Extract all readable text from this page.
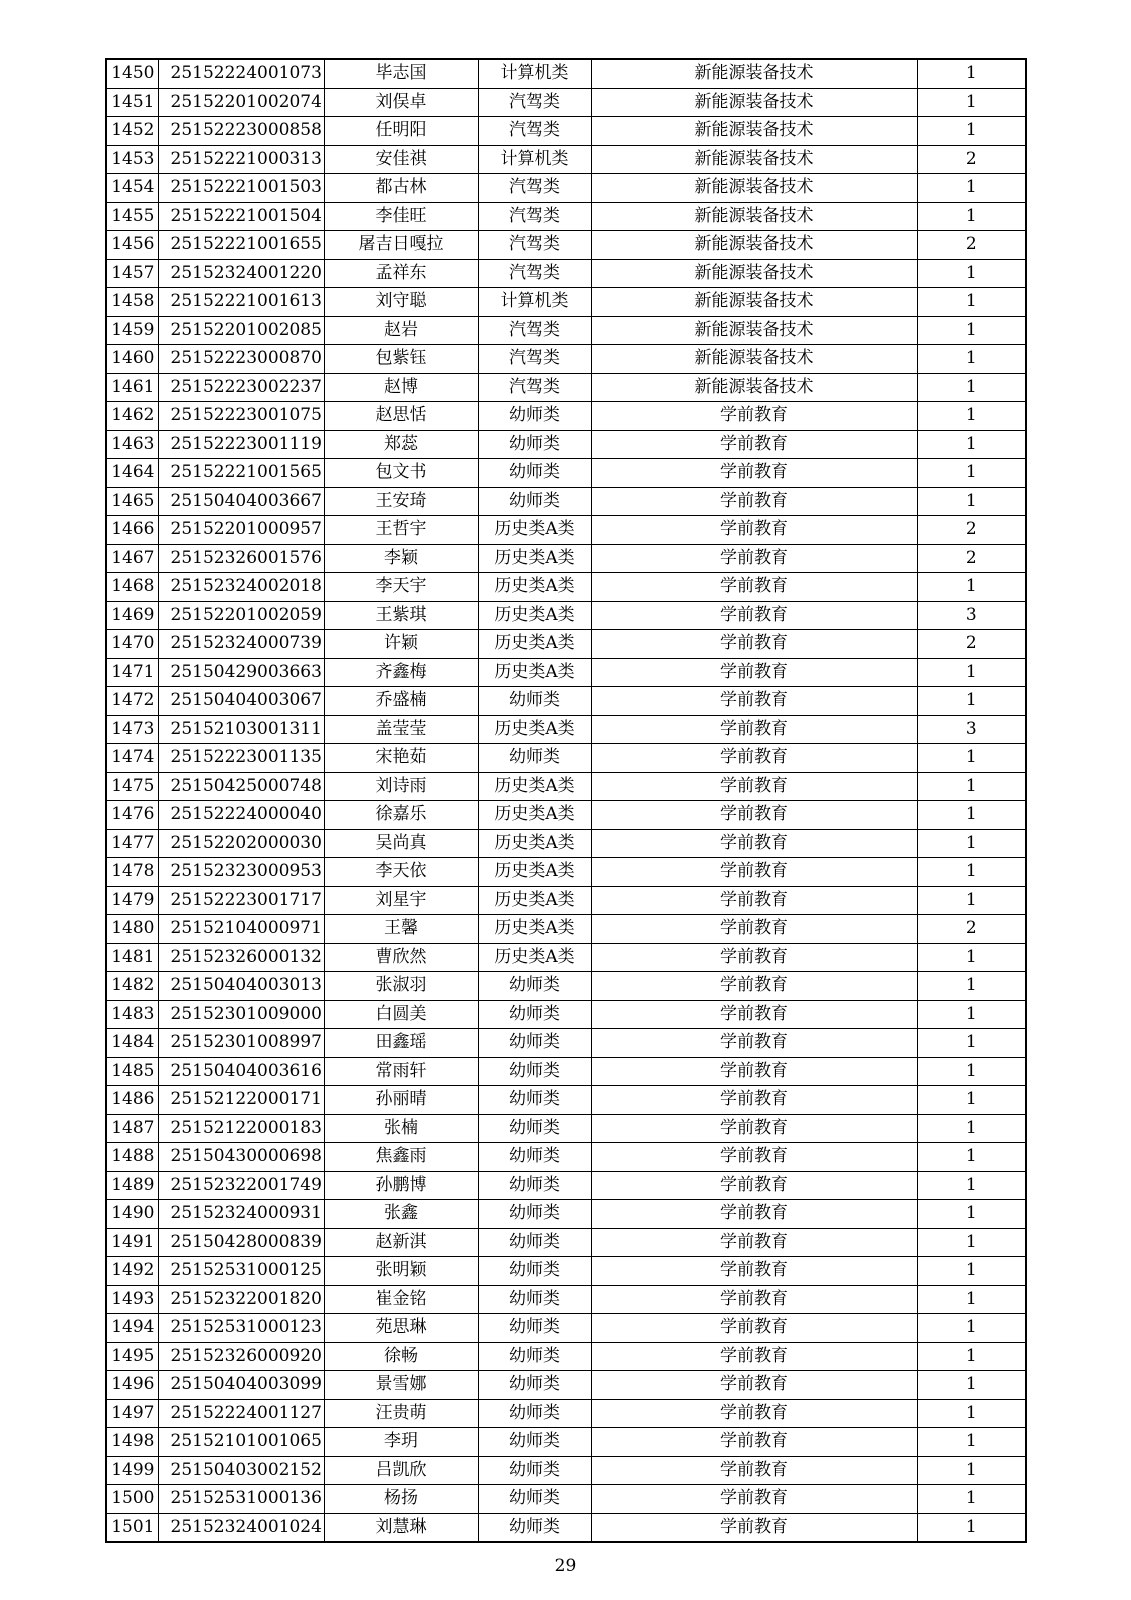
1450	25152224001073	毕志国	计算机类	新能源装备技术	1
1451	25152201002074	刘俣卓	汽驾类	新能源装备技术	1
1452	25152223000858	任明阳	汽驾类	新能源装备技术	1
1453	25152221000313	安佳祺	计算机类	新能源装备技术	2
1454	25152221001503	都古林	汽驾类	新能源装备技术	1
1455	25152221001504	李佳旺	汽驾类	新能源装备技术	1
1456	25152221001655	屠吉日嘎拉	汽驾类	新能源装备技术	2
1457	25152324001220	孟祥东	汽驾类	新能源装备技术	1
1458	25152221001613	刘守聪	计算机类	新能源装备技术	1
1459	25152201002085	赵岩	汽驾类	新能源装备技术	1
1460	25152223000870	包紫钰	汽驾类	新能源装备技术	1
1461	25152223002237	赵博	汽驾类	新能源装备技术	1
1462	25152223001075	赵思恬	幼师类	学前教育	1
1463	25152223001119	郑蕊	幼师类	学前教育	1
1464	25152221001565	包文书	幼师类	学前教育	1
1465	25150404003667	王安琦	幼师类	学前教育	1
1466	25152201000957	王哲宇	历史类A类	学前教育	2
1467	25152326001576	李颖	历史类A类	学前教育	2
1468	25152324002018	李天宇	历史类A类	学前教育	1
1469	25152201002059	王紫琪	历史类A类	学前教育	3
1470	25152324000739	许颖	历史类A类	学前教育	2
1471	25150429003663	齐鑫梅	历史类A类	学前教育	1
1472	25150404003067	乔盛楠	幼师类	学前教育	1
1473	25152103001311	盖莹莹	历史类A类	学前教育	3
1474	25152223001135	宋艳茹	幼师类	学前教育	1
1475	25150425000748	刘诗雨	历史类A类	学前教育	1
1476	25152224000040	徐嘉乐	历史类A类	学前教育	1
1477	25152202000030	吴尚真	历史类A类	学前教育	1
1478	25152323000953	李天依	历史类A类	学前教育	1
1479	25152223001717	刘星宇	历史类A类	学前教育	1
1480	25152104000971	王馨	历史类A类	学前教育	2
1481	25152326000132	曹欣然	历史类A类	学前教育	1
1482	25150404003013	张淑羽	幼师类	学前教育	1
1483	25152301009000	白圆美	幼师类	学前教育	1
1484	25152301008997	田鑫瑶	幼师类	学前教育	1
1485	25150404003616	常雨轩	幼师类	学前教育	1
1486	25152122000171	孙丽晴	幼师类	学前教育	1
1487	25152122000183	张楠	幼师类	学前教育	1
1488	25150430000698	焦鑫雨	幼师类	学前教育	1
1489	25152322001749	孙鹏博	幼师类	学前教育	1
1490	25152324000931	张鑫	幼师类	学前教育	1
1491	25150428000839	赵新淇	幼师类	学前教育	1
1492	25152531000125	张明颖	幼师类	学前教育	1
1493	25152322001820	崔金铭	幼师类	学前教育	1
1494	25152531000123	苑思琳	幼师类	学前教育	1
1495	25152326000920	徐畅	幼师类	学前教育	1
1496	25150404003099	景雪娜	幼师类	学前教育	1
1497	25152224001127	汪贵萌	幼师类	学前教育	1
1498	25152101001065	李玥	幼师类	学前教育	1
1499	25150403002152	吕凯欣	幼师类	学前教育	1
1500	25152531000136	杨扬	幼师类	学前教育	1
1501	25152324001024	刘慧琳	幼师类	学前教育	1
29
